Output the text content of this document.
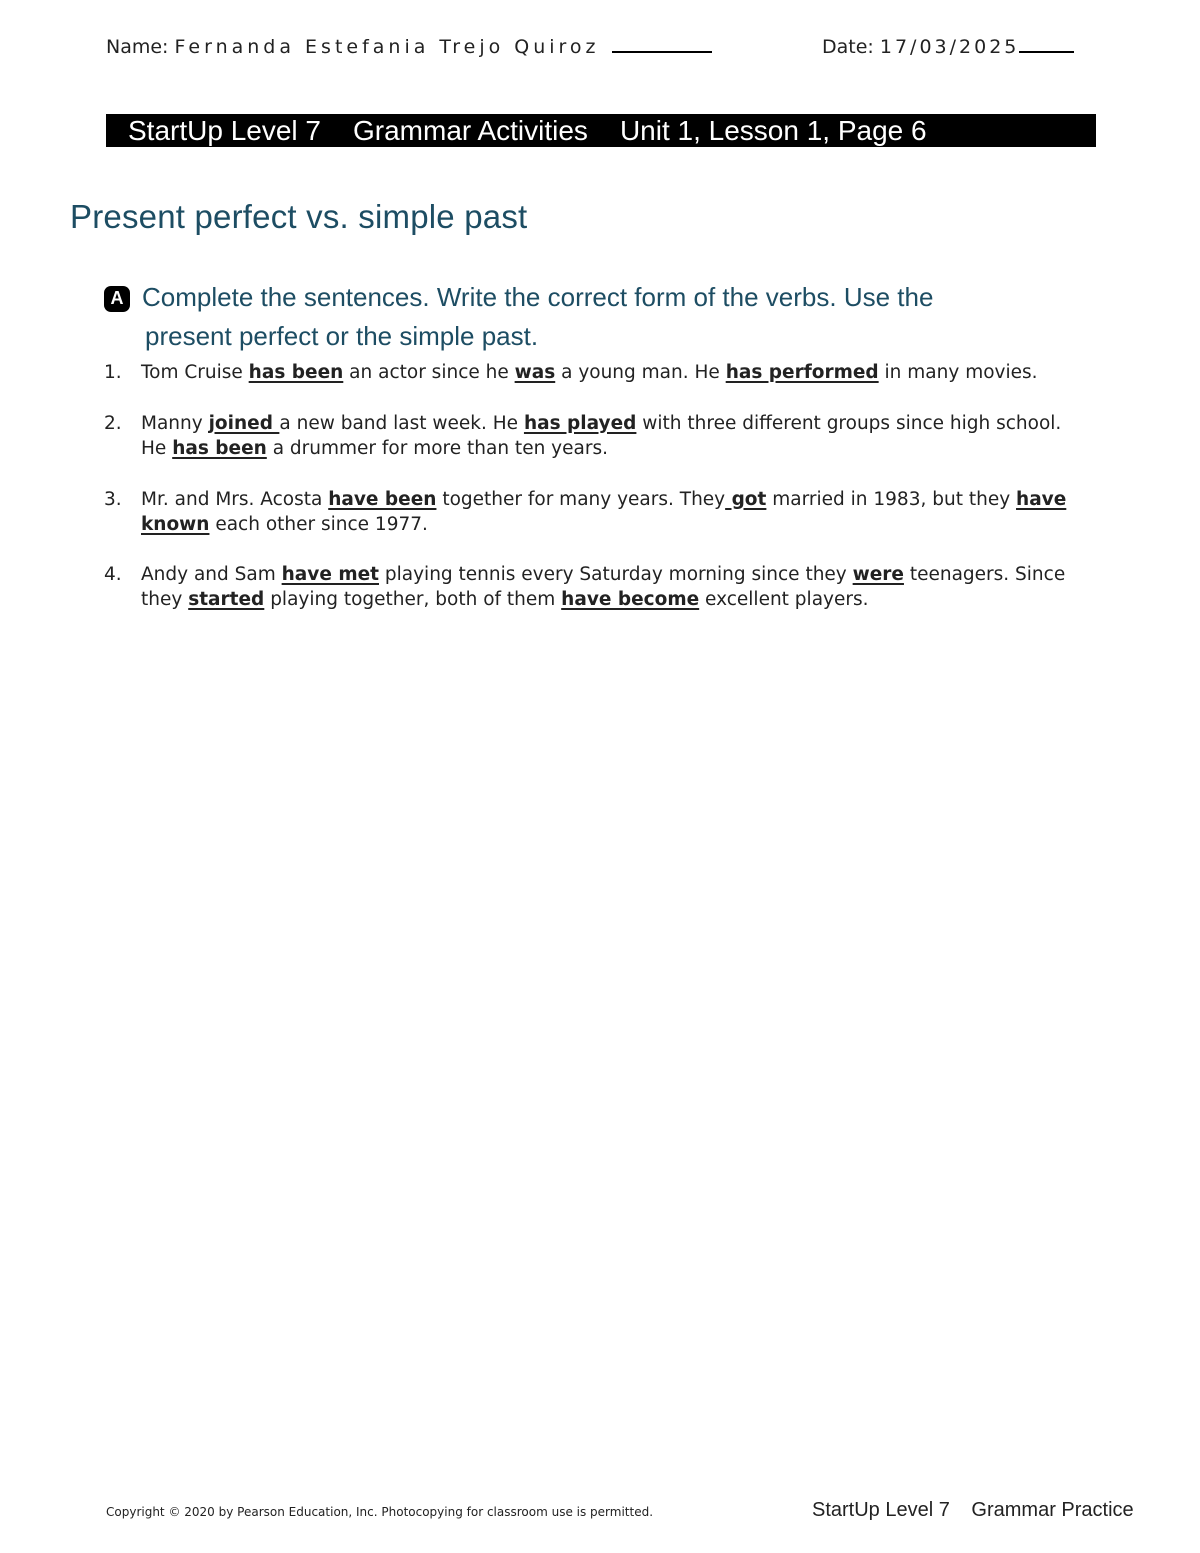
Name: Fernanda Estefania Trejo Quiroz	Date: 17/03/2025
StartUp Level 7 Grammar Activities Unit 1, Lesson 1, Page 6
Present perfect vs. simple past
A Complete the sentences. Write the correct form of the verbs. Use the
present perfect or the simple past.
1. Tom Cruise has been an actor since he was a young man. He has performed in many movies.
2. Manny joined a new band last week. He has played with three different groups since high school.
He has been a drummer for more than ten years.
3. Mr. and Mrs. Acosta have been together for many years. They got married in 1983, but they have
known each other since 1977.
4. Andy and Sam have met playing tennis every Saturday morning since they were teenagers. Since
they started playing together, both of them have become excellent players.
Copyright © 2020 by Pearson Education, Inc. Photocopying for classroom use is permitted.	StartUp Level 7 Grammar Practice
